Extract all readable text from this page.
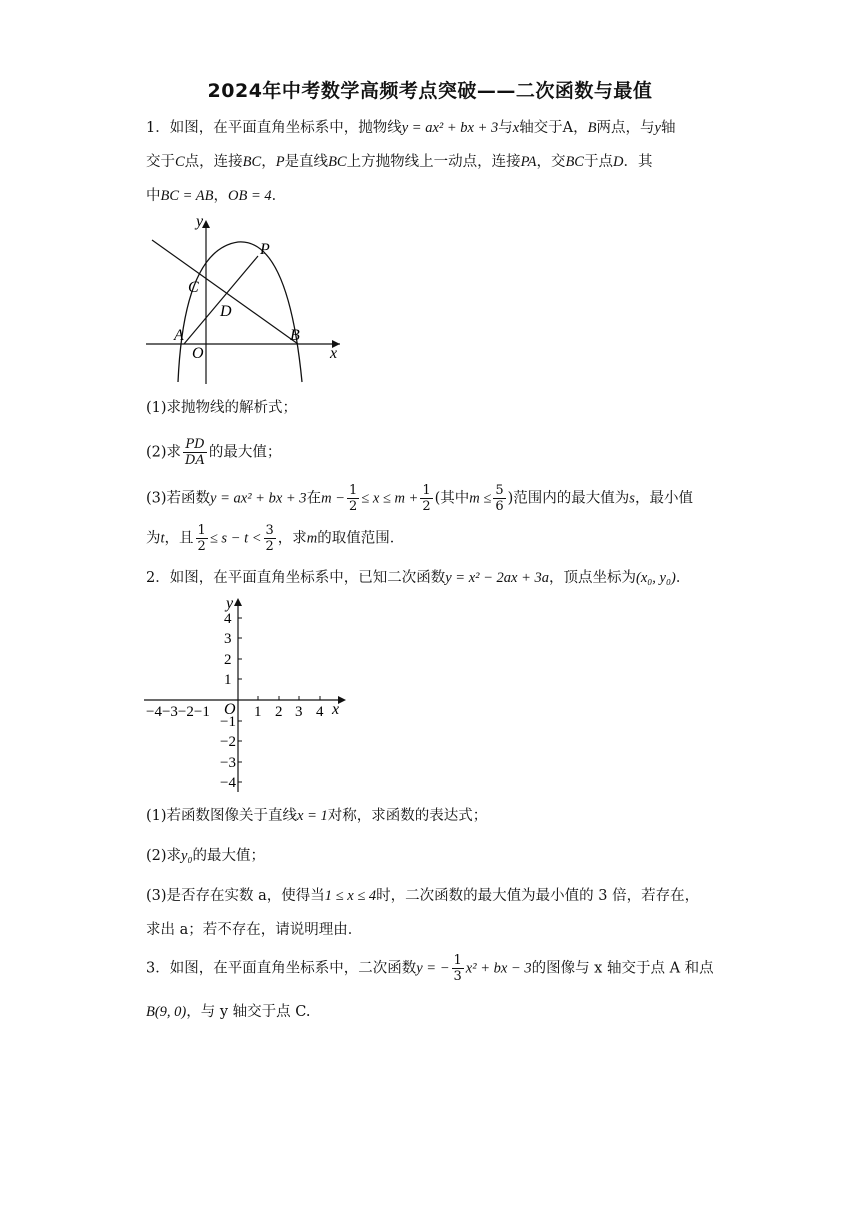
2024年中考数学高频考点突破——二次函数与最值
1．如图，在平面直角坐标系中，抛物线y = ax² + bx + 3与x轴交于A，B两点，与y轴
交于C点，连接BC，P是直线BC上方抛物线上一动点，连接PA，交BC于点D．其
中BC = AB，OB = 4．
y
x
P
C
D
A
O
B
(1)求抛物线的解析式；
(2)求 $\frac{PD}{DA}$ 的最大值；
(3)若函数y = ax² + bx + 3在$m - \frac{1}{2} \le x \le m + \frac{1}{2}$ (其中$m \le \frac{5}{6}$ )范围内的最大值为s，最小值
为t，且 $\frac{1}{2} \le s - t < \frac{3}{2}$ ，求m的取值范围．
2．如图，在平面直角坐标系中，已知二次函数y = x² − 2ax + 3a，顶点坐标为(x₀, y₀)．
y
x
O
4
3
2
1
−1
−2
−3
−4
1 2 3 4
−4−3−2−1
(1)若函数图像关于直线x = 1对称，求函数的表达式；
(2)求y₀的最大值；
(3)是否存在实数 a，使得当1 ≤ x ≤ 4时，二次函数的最大值为最小值的 3 倍，若存在，
求出 a；若不存在，请说明理由．
3．如图，在平面直角坐标系中，二次函数y = − $\frac{1}{3} x^2$ + bx − 3的图像与 x 轴交于点 A 和点
B(9, 0)，与 y 轴交于点 C.
